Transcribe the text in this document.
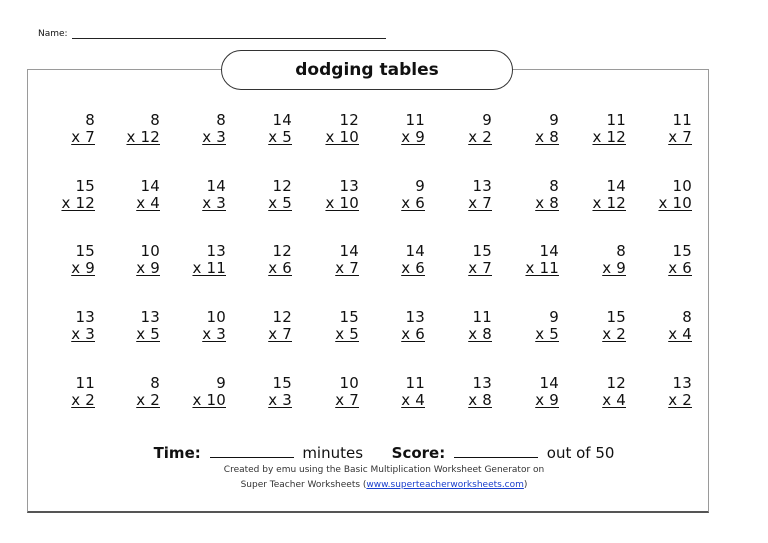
Name:
dodging tables
8
x 7
8
x 12
8
x 3
14
x 5
12
x 10
11
x 9
9
x 2
9
x 8
11
x 12
11
x 7
15
x 12
14
x 4
14
x 3
12
x 5
13
x 10
9
x 6
13
x 7
8
x 8
14
x 12
10
x 10
15
x 9
10
x 9
13
x 11
12
x 6
14
x 7
14
x 6
15
x 7
14
x 11
8
x 9
15
x 6
13
x 3
13
x 5
10
x 3
12
x 7
15
x 5
13
x 6
11
x 8
9
x 5
15
x 2
8
x 4
11
x 2
8
x 2
9
x 10
15
x 3
10
x 7
11
x 4
13
x 8
14
x 9
12
x 4
13
x 2
Time:	minutes Score:	out of 50
Created by emu using the Basic Multiplication Worksheet Generator on
Super Teacher Worksheets (www.superteacherworksheets.com)
